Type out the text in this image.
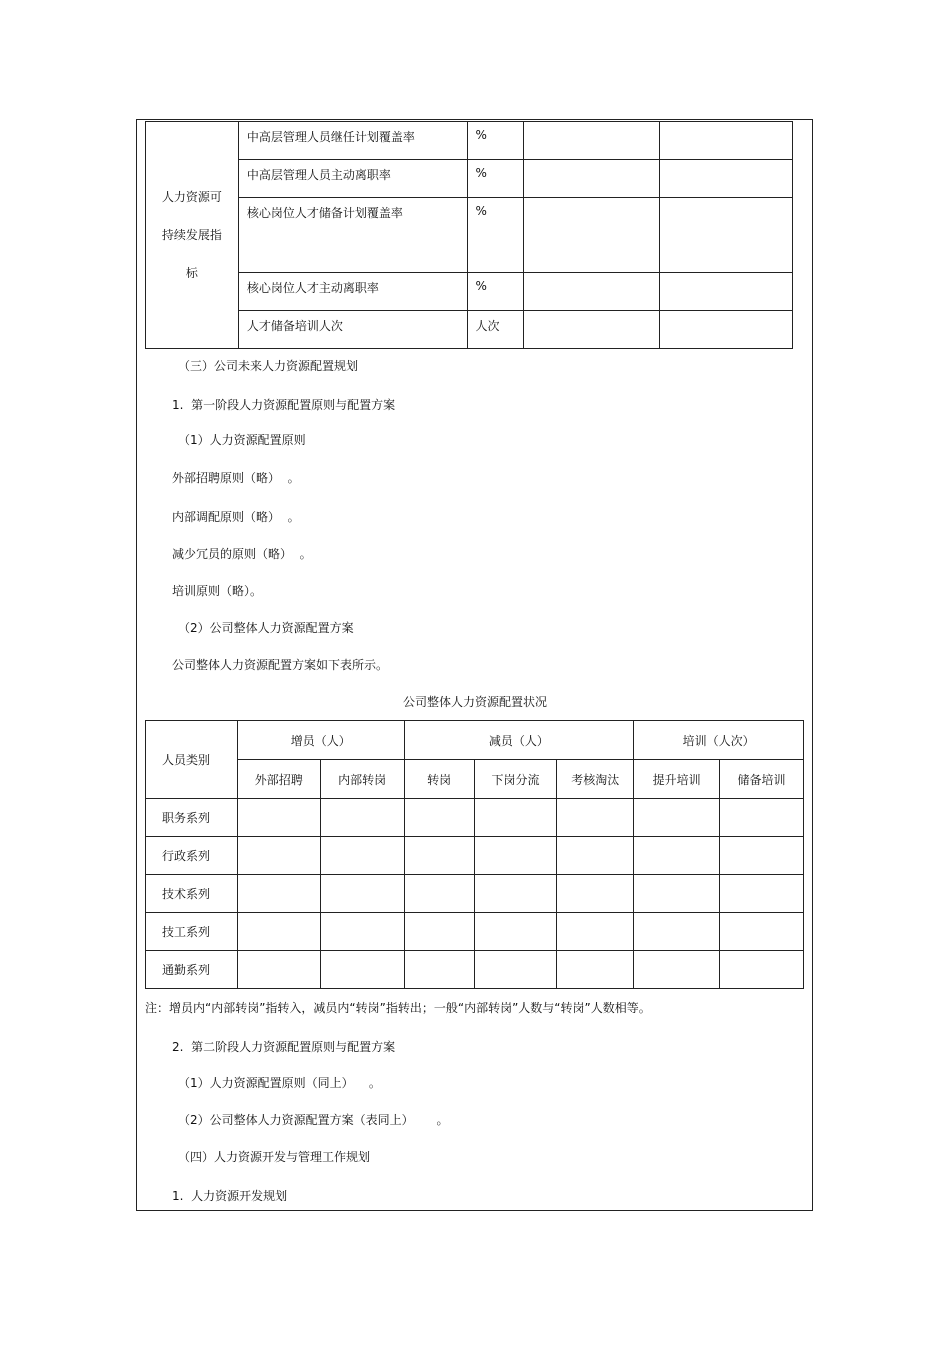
人力资源可
持续发展指
标	中高层管理人员继任计划覆盖率	%		
	中高层管理人员主动离职率	%		
	核心岗位人才储备计划覆盖率	%		
	核心岗位人才主动离职率	%		
	人才储备培训人次	人次		
（三）公司未来人力资源配置规划
1.  第一阶段人力资源配置原则与配置方案
（1）人力资源配置原则
外部招聘原则（略）  。
内部调配原则（略）  。
减少冗员的原则（略）  。
培训原则（略）。
（2）公司整体人力资源配置方案
公司整体人力资源配置方案如下表所示。
公司整体人力资源配置状况
人员类别	增员（人）		减员（人）			培训（人次）	
	外部招聘	内部转岗	转岗	下岗分流	考核淘汰	提升培训	储备培训
职务系列							
行政系列							
技术系列							
技工系列							
通勤系列							
注：增员内“内部转岗”指转入，减员内“转岗”指转出；一般“内部转岗”人数与“转岗”人数相等。
2.  第二阶段人力资源配置原则与配置方案
（1）人力资源配置原则（同上）    。
（2）公司整体人力资源配置方案（表同上）      。
（四）人力资源开发与管理工作规划
1.  人力资源开发规划
